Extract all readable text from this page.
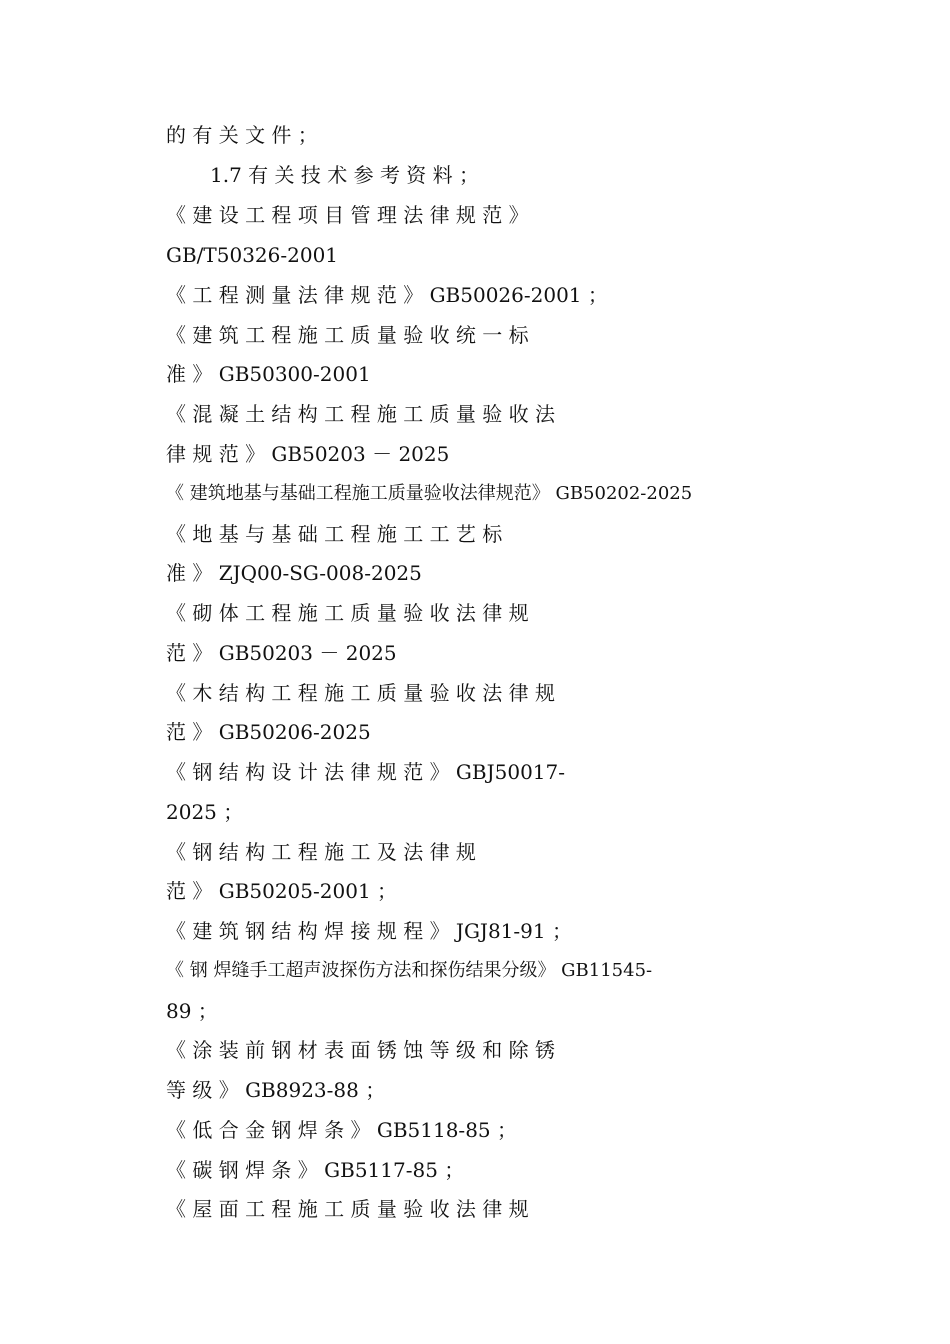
的 有 关 文 件 ；
1.7 有 关 技 术 参 考 资 料 ；
《 建 设 工 程 项 目 管 理 法 律 规 范 》
GB/T50326-2001
《 工 程 测 量 法 律 规 范 》 GB50026-2001 ；
《 建 筑 工 程 施 工 质 量 验 收 统 一 标
准 》 GB50300-2001
《 混 凝 土 结 构 工 程 施 工 质 量 验 收 法
律 规 范 》 GB50203 － 2025
《 建筑地基与基础工程施工质量验收法律规范》 GB50202-2025
《 地 基 与 基 础 工 程 施 工 工 艺 标
准 》 ZJQ00-SG-008-2025
《 砌 体 工 程 施 工 质 量 验 收 法 律 规
范 》 GB50203 － 2025
《 木 结 构 工 程 施 工 质 量 验 收 法 律 规
范 》 GB50206-2025
《 钢 结 构 设 计 法 律 规 范 》 GBJ50017-
2025 ；
《 钢 结 构 工 程 施 工 及 法 律 规
范 》 GB50205-2001 ；
《 建 筑 钢 结 构 焊 接 规 程 》 JGJ81-91 ；
《 钢 焊缝手工超声波探伤方法和探伤结果分级》 GB11545-
89 ；
《 涂 装 前 钢 材 表 面 锈 蚀 等 级 和 除 锈
等 级 》 GB8923-88 ；
《 低 合 金 钢 焊 条 》 GB5118-85 ；
《 碳 钢 焊 条 》 GB5117-85 ；
《 屋 面 工 程 施 工 质 量 验 收 法 律 规
